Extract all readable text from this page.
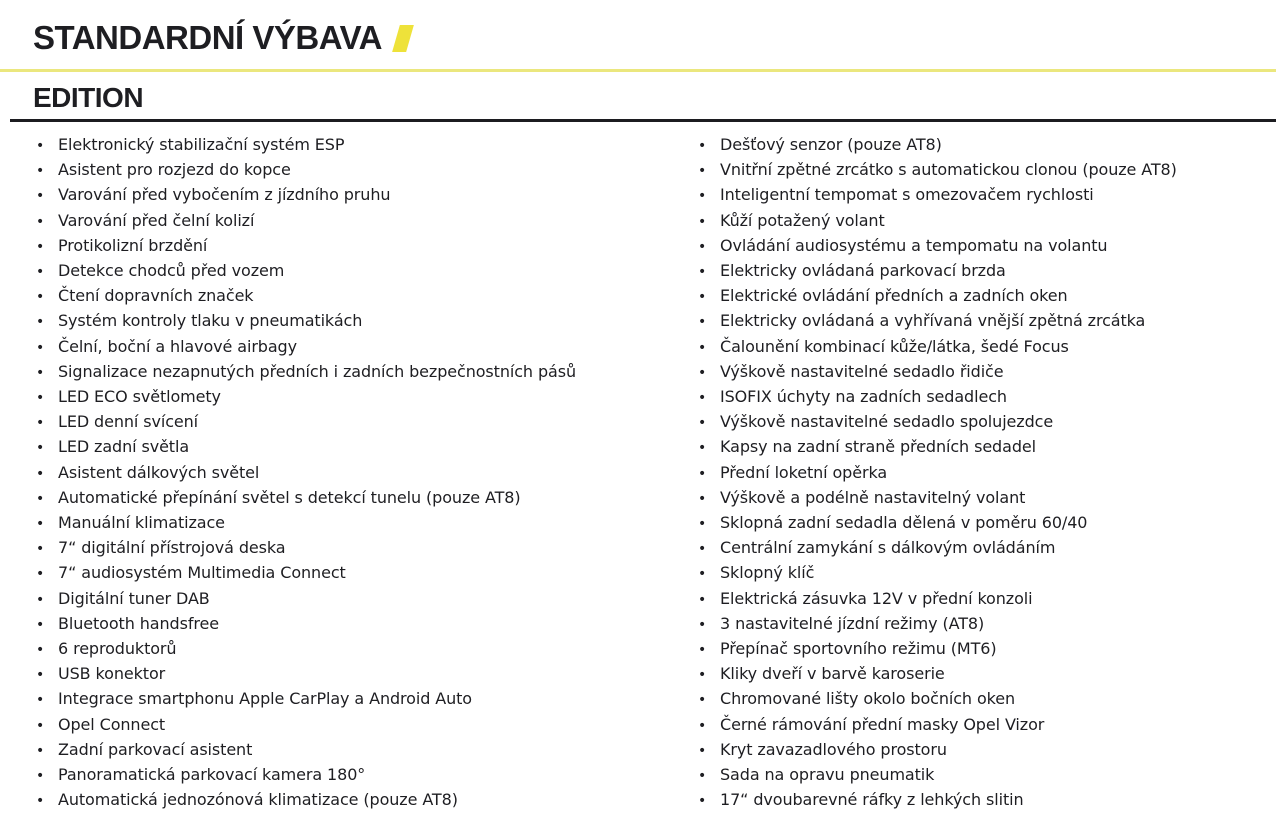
STANDARDNÍ VÝBAVA
EDITION
• Elektronický stabilizační systém ESP
• Asistent pro rozjezd do kopce
• Varování před vybočením z jízdního pruhu
• Varování před čelní kolizí
• Protikolizní brzdění
• Detekce chodců před vozem
• Čtení dopravních značek
• Systém kontroly tlaku v pneumatikách
• Čelní, boční a hlavové airbagy
• Signalizace nezapnutých předních i zadních bezpečnostních pásů
• LED ECO světlomety
• LED denní svícení
• LED zadní světla
• Asistent dálkových světel
• Automatické přepínání světel s detekcí tunelu (pouze AT8)
• Manuální klimatizace
• 7“ digitální přístrojová deska
• 7“ audiosystém Multimedia Connect
• Digitální tuner DAB
• Bluetooth handsfree
• 6 reproduktorů
• USB konektor
• Integrace smartphonu Apple CarPlay a Android Auto
• Opel Connect
• Zadní parkovací asistent
• Panoramatická parkovací kamera 180°
• Automatická jednozónová klimatizace (pouze AT8)
• Dešťový senzor (pouze AT8)
• Vnitřní zpětné zrcátko s automatickou clonou (pouze AT8)
• Inteligentní tempomat s omezovačem rychlosti
• Kůží potažený volant
• Ovládání audiosystému a tempomatu na volantu
• Elektricky ovládaná parkovací brzda
• Elektrické ovládání předních a zadních oken
• Elektricky ovládaná a vyhřívaná vnější zpětná zrcátka
• Čalounění kombinací kůže/látka, šedé Focus
• Výškově nastavitelné sedadlo řidiče
• ISOFIX úchyty na zadních sedadlech
• Výškově nastavitelné sedadlo spolujezdce
• Kapsy na zadní straně předních sedadel
• Přední loketní opěrka
• Výškově a podélně nastavitelný volant
• Sklopná zadní sedadla dělená v poměru 60/40
• Centrální zamykání s dálkovým ovládáním
• Sklopný klíč
• Elektrická zásuvka 12V v přední konzoli
• 3 nastavitelné jízdní režimy (AT8)
• Přepínač sportovního režimu (MT6)
• Kliky dveří v barvě karoserie
• Chromované lišty okolo bočních oken
• Černé rámování přední masky Opel Vizor
• Kryt zavazadlového prostoru
• Sada na opravu pneumatik
• 17“ dvoubarevné ráfky z lehkých slitin
